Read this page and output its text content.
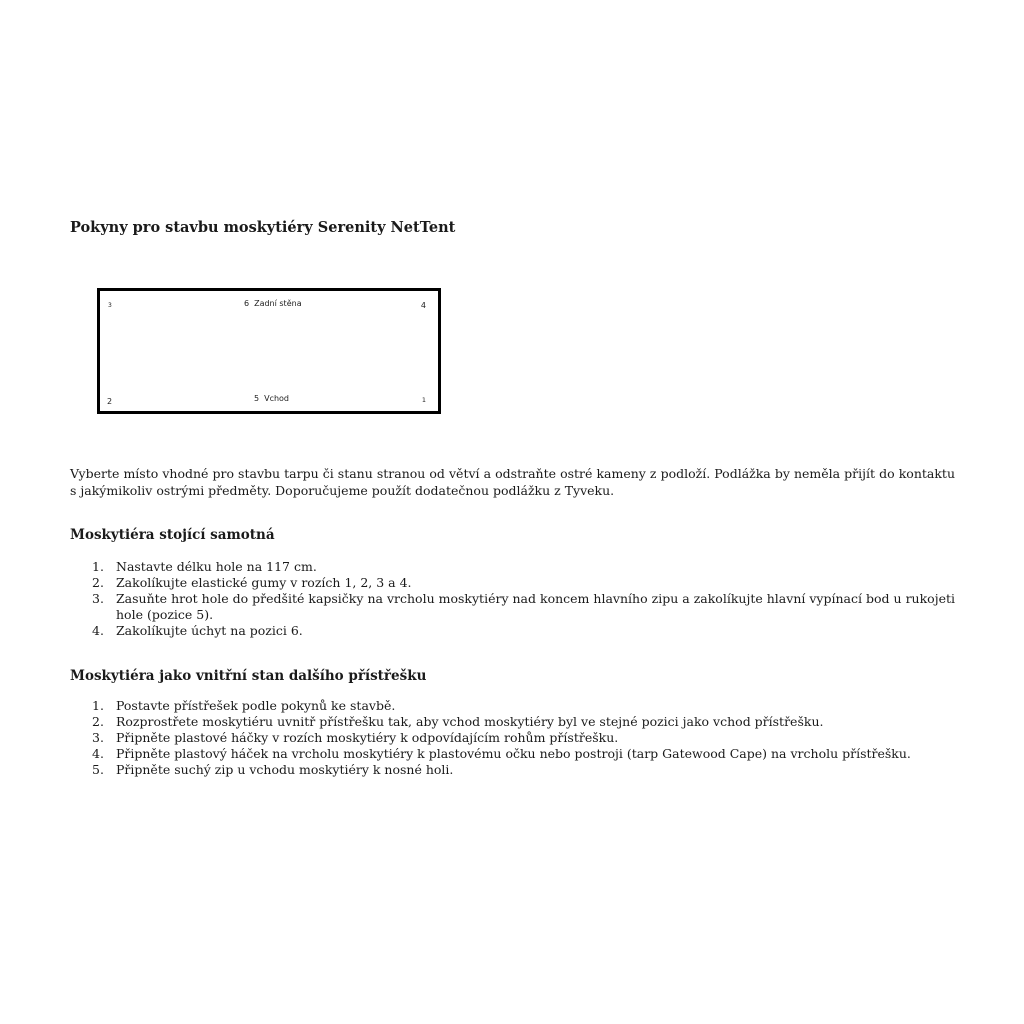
Pokyny pro stavbu moskytiéry Serenity NetTent
3	6 Zadní stěna	4
2	5 Vchod	1
Vyberte místo vhodné pro stavbu tarpu či stanu stranou od větví a odstraňte ostré kameny z podloží. Podlážka by neměla přijít do kontaktu s jakýmikoliv ostrými předměty. Doporučujeme použít dodatečnou podlážku z Tyveku.
Moskytiéra stojící samotná
1. Nastavte délku hole na 117 cm.
2. Zakolíkujte elastické gumy v rozích 1, 2, 3 a 4.
3. Zasuňte hrot hole do předšité kapsičky na vrcholu moskytiéry nad koncem hlavního zipu a zakolíkujte hlavní vypínací bod u rukojeti hole (pozice 5).
4. Zakolíkujte úchyt na pozici 6.
Moskytiéra jako vnitřní stan dalšího přístřešku
1. Postavte přístřešek podle pokynů ke stavbě.
2. Rozprostřete moskytiéru uvnitř přístřešku tak, aby vchod moskytiéry byl ve stejné pozici jako vchod přístřešku.
3. Připněte plastové háčky v rozích moskytiéry k odpovídajícím rohům přístřešku.
4. Připněte plastový háček na vrcholu moskytiéry k plastovému očku nebo postroji (tarp Gatewood Cape) na vrcholu přístřešku.
5. Připněte suchý zip u vchodu moskytiéry k nosné holi.
